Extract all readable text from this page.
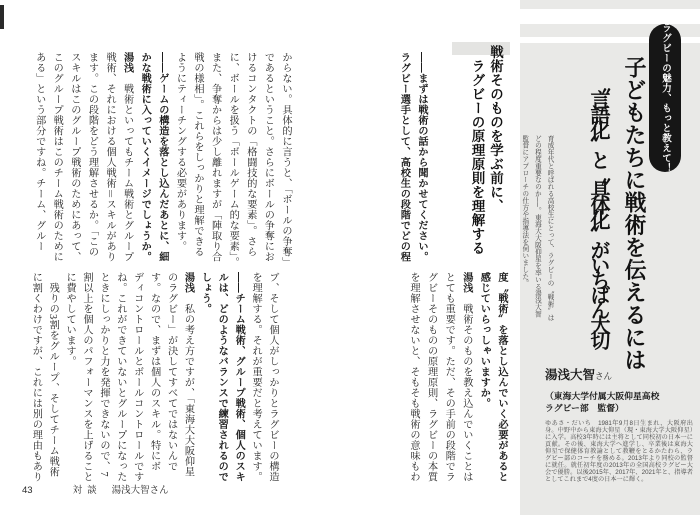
ラグビーの魅力、もっと教えて！

子どもたちに戦術を伝えるには

〝言語化〟と〝具体化〟がいちばん大切

育成年代と呼ばれる高校生にとって、ラグビーの〝戦術〟は

どの程度重要なのか──。東海大大阪仰星を率いる湯浅大智

監督にアプローチの仕方や指導法を伺いました。

湯浅大智さん

（東海大学付属大阪仰星高校

ラグビー部　監督）

ゆあさ・だいち　1981年9月8日生まれ、大阪府出身。中野中から東海大仰星（現・東海大学大阪仰星）に入学。高校3年時には主将として同校初の日本一に貢献。その後、東海大学へ進学し、卒業後は東海大仰星で保健体育教諭として教鞭をとるかたわら、ラグビー部のコーチを務める。2013年より同校の監督に就任。就任初年度の2013年の全国高校ラグビー大会で優勝。以後2015年、2017年、2021年と、指導者としてこれまで4度の日本一に輝く。

戦術そのものを学ぶ前に、

ラグビーの原理原則を理解する

――まずは戦術の話から聞かせてください。

ラグビー選手として、高校生の段階でどの程

度〝戦術〟を落とし込んでいく必要があると

感じていらっしゃいますか。

湯浅　戦術そのものを教え込んでいくことは

とても重要です。ただ、その手前の段階でラ

グビーそのものの原理原則、ラグビーの本質

を理解させないと、そもそも戦術の意味もわ

からない。具体的に言うと、「ボールの争奪」

であるということ。さらにボールの争奪にお

けるコンタクトの「格闘技的な要素」。さら

に、ボールを扱う「ボールゲーム的な要素」。

また、争奪からは少し離れますが「陣取り合

戦の様相」。これらをしっかりと理解できる

ようにティーチングする必要があります。

――ゲームの構造を落とし込んだあとに、細

かな戦術に入っていくイメージでしょうか。

湯浅　戦術といってもチーム戦術とグループ

戦術、それにおける個人戦術＝スキルがあり

ます。この段階をどう理解させるか。「この

スキルはこのグループ戦術のためにあって、

このグループ戦術はこのチーム戦術のために

ある」という部分ですね。チーム、グルー

ブ、そして個人がしっかりとラグビーの構造

を理解する。それが重要だと考えています。

――チーム戦術、グループ戦術、個人のスキ

ルは、どのようなバランスで練習されるので

しょう。

湯浅　私の考え方ですが、「東海大大阪仰星

のラグビー」が決してすべてではないんで

す。なので、まずは個人のスキル。特にボ

ディコントロールとボールコントロールです

ね。これができていないとグループになった

ときにしっかりと力を発揮できないので、7

割以上を個人のパフォーマンスを上げること

に費やしています。

　残りの3割をグループ、そしてチーム戦術

に割くわけですが、これには別の理由もあり

43	対談 湯浅大智さん
